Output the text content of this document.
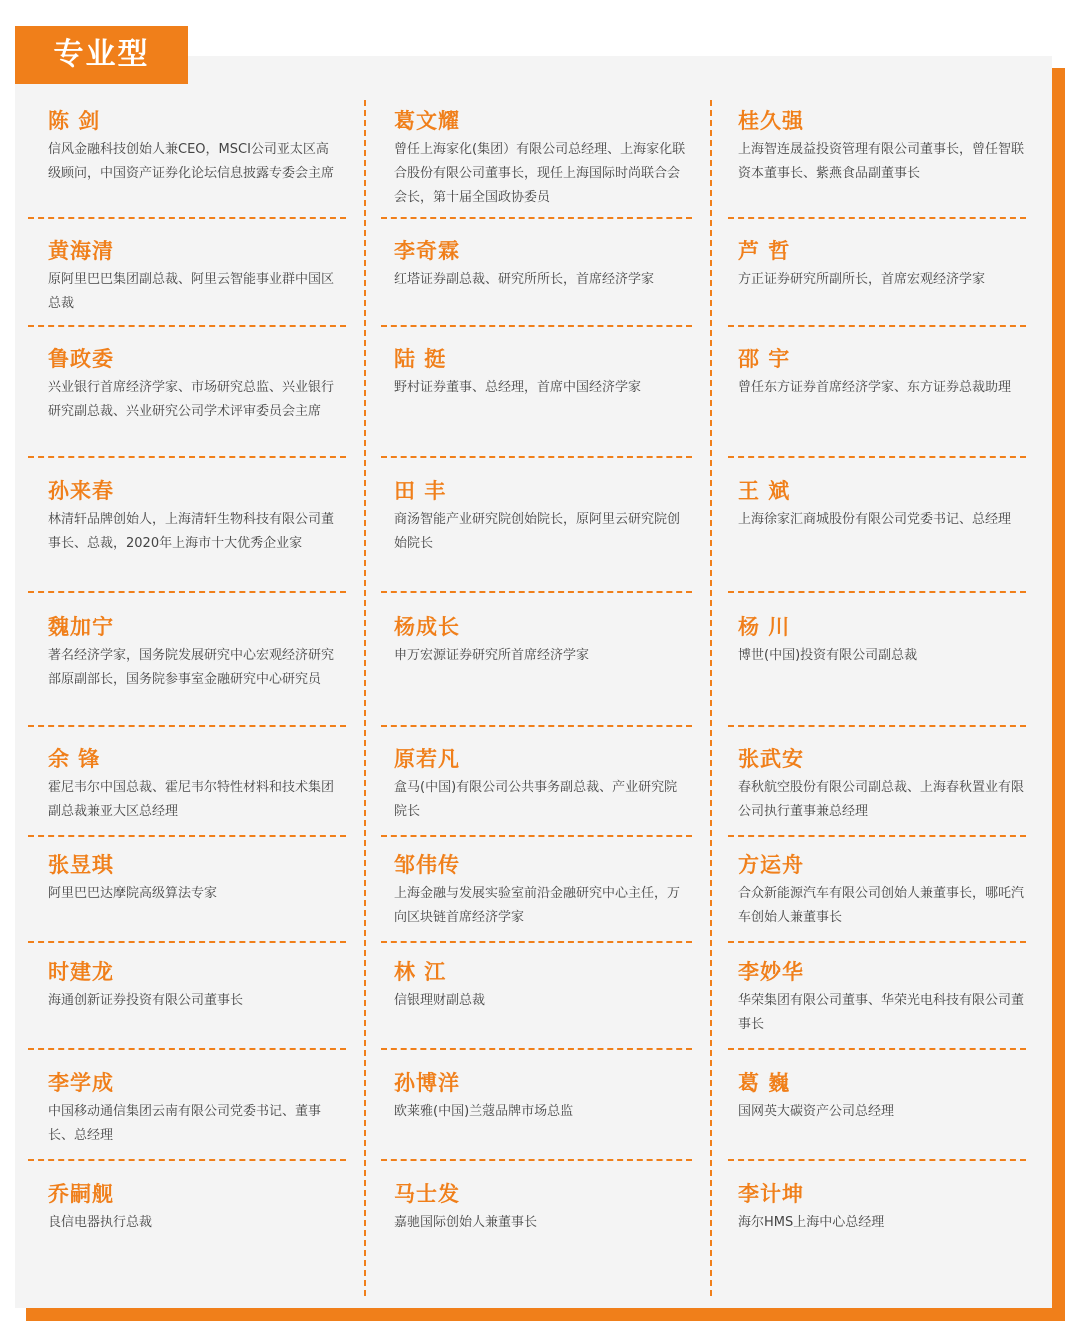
专业型
陈 剑
信风金融科技创始人兼CEO，MSCI公司亚太区高级顾问，中国资产证券化论坛信息披露专委会主席
黄海清
原阿里巴巴集团副总裁、阿里云智能事业群中国区总裁
鲁政委
兴业银行首席经济学家、市场研究总监、兴业银行研究副总裁、兴业研究公司学术评审委员会主席
孙来春
林清轩品牌创始人，上海清轩生物科技有限公司董事长、总裁，2020年上海市十大优秀企业家
魏加宁
著名经济学家，国务院发展研究中心宏观经济研究部原副部长，国务院参事室金融研究中心研究员
余 锋
霍尼韦尔中国总裁、霍尼韦尔特性材料和技术集团副总裁兼亚大区总经理
张昱琪
阿里巴巴达摩院高级算法专家
时建龙
海通创新证券投资有限公司董事长
李学成
中国移动通信集团云南有限公司党委书记、董事长、总经理
乔嗣舰
良信电器执行总裁
葛文耀
曾任上海家化(集团）有限公司总经理、上海家化联合股份有限公司董事长，现任上海国际时尚联合会会长，第十届全国政协委员
李奇霖
红塔证券副总裁、研究所所长，首席经济学家
陆 挺
野村证券董事、总经理，首席中国经济学家
田 丰
商汤智能产业研究院创始院长，原阿里云研究院创始院长
杨成长
申万宏源证券研究所首席经济学家
原若凡
盒马(中国)有限公司公共事务副总裁、产业研究院院长
邹伟传
上海金融与发展实验室前沿金融研究中心主任，万向区块链首席经济学家
林 江
信银理财副总裁
孙博洋
欧莱雅(中国)兰蔻品牌市场总监
马士发
嘉驰国际创始人兼董事长
桂久强
上海智连晟益投资管理有限公司董事长，曾任智联资本董事长、紫燕食品副董事长
芦 哲
方正证券研究所副所长，首席宏观经济学家
邵 宇
曾任东方证券首席经济学家、东方证券总裁助理
王 斌
上海徐家汇商城股份有限公司党委书记、总经理
杨 川
博世(中国)投资有限公司副总裁
张武安
春秋航空股份有限公司副总裁、上海春秋置业有限公司执行董事兼总经理
方运舟
合众新能源汽车有限公司创始人兼董事长，哪吒汽车创始人兼董事长
李妙华
华荣集团有限公司董事、华荣光电科技有限公司董事长
葛 巍
国网英大碳资产公司总经理
李计坤
海尔HMS上海中心总经理
